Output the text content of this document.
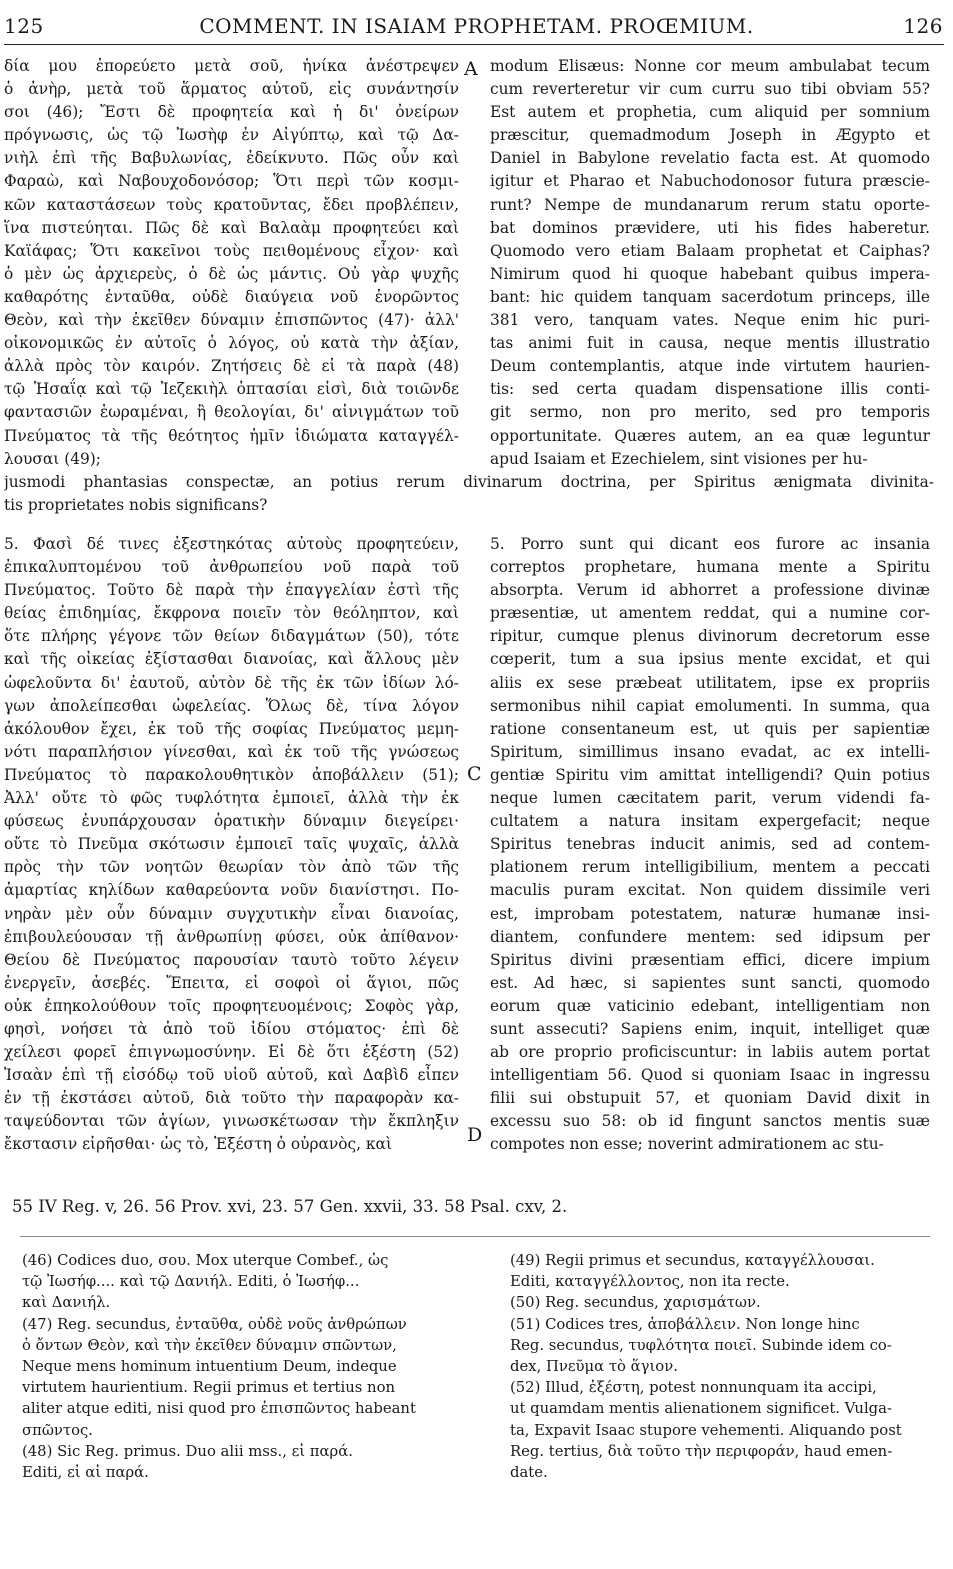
125	COMMENT. IN ISAIAM PROPHETAM. PROŒMIUM.	126
δία μου ἐπορεύετο μετὰ σοῦ, ἡνίκα ἀνέστρεψεν
ὁ ἀνὴρ, μετὰ τοῦ ἅρματος αὐτοῦ, εἰς συνάντησίν
σοι (46); Ἔστι δὲ προφητεία καὶ ἡ δι' ὀνείρων
πρόγνωσις, ὡς τῷ Ἰωσὴφ ἐν Αἰγύπτῳ, καὶ τῷ Δα-
νιὴλ ἐπὶ τῆς Βαβυλωνίας, ἐδείκνυτο. Πῶς οὖν καὶ
Φαραὼ, καὶ Ναβουχοδονόσορ; Ὅτι περὶ τῶν κοσμι-
κῶν καταστάσεων τοὺς κρατοῦντας, ἔδει προβλέπειν,
ἵνα πιστεύηται. Πῶς δὲ καὶ Βαλαὰμ προφητεύει καὶ
Καϊάφας; Ὅτι κακεῖνοι τοὺς πειθομένους εἶχον· καὶ
ὁ μὲν ὡς ἀρχιερεὺς, ὁ δὲ ὡς μάντις. Οὐ γὰρ ψυχῆς
καθαρότης ἐνταῦθα, οὐδὲ διαύγεια νοῦ ἐνορῶντος
Θεὸν, καὶ τὴν ἐκεῖθεν δύναμιν ἐπισπῶντος (47)· ἀλλ'
οἰκονομικῶς ἐν αὐτοῖς ὁ λόγος, οὐ κατὰ τὴν ἀξίαν,
ἀλλὰ πρὸς τὸν καιρόν. Ζητήσεις δὲ εἰ τὰ παρὰ (48)
τῷ Ἡσαΐᾳ καὶ τῷ Ἰεζεκιὴλ ὀπτασίαι εἰσὶ, διὰ τοιῶνδε
φαντασιῶν ἑωραμέναι, ἢ θεολογίαι, δι' αἰνιγμάτων τοῦ
Πνεύματος τὰ τῆς θεότητος ἡμῖν ἰδιώματα καταγγέλ-
λουσαι (49);
modum Elisæus: Nonne cor meum ambulabat tecum
cum reverteretur vir cum curru suo tibi obviam 55?
Est autem et prophetia, cum aliquid per somnium
præscitur, quemadmodum Joseph in Ægypto et
Daniel in Babylone revelatio facta est. At quomodo
igitur et Pharao et Nabuchodonosor futura præscie-
runt? Nempe de mundanarum rerum statu oporte-
bat dominos prævidere, uti his fides haberetur.
Quomodo vero etiam Balaam prophetat et Caiphas?
Nimirum quod hi quoque habebant quibus impera-
bant: hic quidem tanquam sacerdotum princeps, ille
381 vero, tanquam vates. Neque enim hic puri-
tas animi fuit in causa, neque mentis illustratio
Deum contemplantis, atque inde virtutem haurien-
tis: sed certa quadam dispensatione illis conti-
git sermo, non pro merito, sed pro temporis
opportunitate. Quæres autem, an ea quæ leguntur
apud Isaiam et Ezechielem, sint visiones per hu-
A
C
D
jusmodi phantasias conspectæ, an potius rerum divinarum doctrina, per Spiritus ænigmata divinita-
tis proprietates nobis significans?
5. Φασὶ δέ τινες ἐξεστηκότας αὐτοὺς προφητεύειν,
ἐπικαλυπτομένου τοῦ ἀνθρωπείου νοῦ παρὰ τοῦ
Πνεύματος. Τοῦτο δὲ παρὰ τὴν ἐπαγγελίαν ἐστὶ τῆς
θείας ἐπιδημίας, ἔκφρονα ποιεῖν τὸν θεόληπτον, καὶ
ὅτε πλήρης γέγονε τῶν θείων διδαγμάτων (50), τότε
καὶ τῆς οἰκείας ἐξίστασθαι διανοίας, καὶ ἄλλους μὲν
ὠφελοῦντα δι' ἑαυτοῦ, αὐτὸν δὲ τῆς ἐκ τῶν ἰδίων λό-
γων ἀπολείπεσθαι ὠφελείας. Ὅλως δὲ, τίνα λόγον
ἀκόλουθον ἔχει, ἐκ τοῦ τῆς σοφίας Πνεύματος μεμη-
νότι παραπλήσιον γίνεσθαι, καὶ ἐκ τοῦ τῆς γνώσεως
Πνεύματος τὸ παρακολουθητικὸν ἀποβάλλειν (51);
Ἀλλ' οὔτε τὸ φῶς τυφλότητα ἐμποιεῖ, ἀλλὰ τὴν ἐκ
φύσεως ἐνυπάρχουσαν ὁρατικὴν δύναμιν διεγείρει·
οὔτε τὸ Πνεῦμα σκότωσιν ἐμποιεῖ ταῖς ψυχαῖς, ἀλλὰ
πρὸς τὴν τῶν νοητῶν θεωρίαν τὸν ἀπὸ τῶν τῆς
ἁμαρτίας κηλίδων καθαρεύοντα νοῦν διανίστησι. Πο-
νηρὰν μὲν οὖν δύναμιν συγχυτικὴν εἶναι διανοίας,
ἐπιβουλεύουσαν τῇ ἀνθρωπίνῃ φύσει, οὐκ ἀπίθανον·
Θείου δὲ Πνεύματος παρουσίαν ταυτὸ τοῦτο λέγειν
ἐνεργεῖν, ἀσεβές. Ἔπειτα, εἰ σοφοὶ οἱ ἅγιοι, πῶς
οὐκ ἐπηκολούθουν τοῖς προφητευομένοις; Σοφὸς γὰρ,
φησὶ, νοήσει τὰ ἀπὸ τοῦ ἰδίου στόματος· ἐπὶ δὲ
χείλεσι φορεῖ ἐπιγνωμοσύνην. Εἰ δὲ ὅτι ἐξέστη (52)
Ἰσαὰν ἐπὶ τῇ εἰσόδῳ τοῦ υἱοῦ αὐτοῦ, καὶ Δαβὶδ εἶπεν
ἐν τῇ ἐκστάσει αὐτοῦ, διὰ τοῦτο τὴν παραφορὰν κα-
ταψεύδονται τῶν ἁγίων, γινωσκέτωσαν τὴν ἔκπληξιν
ἔκστασιν εἰρῆσθαι· ὡς τὸ, Ἐξέστη ὁ οὐρανὸς, καὶ
5. Porro sunt qui dicant eos furore ac insania
correptos prophetare, humana mente a Spiritu
absorpta. Verum id abhorret a professione divinæ
præsentiæ, ut amentem reddat, qui a numine cor-
ripitur, cumque plenus divinorum decretorum esse
cœperit, tum a sua ipsius mente excidat, et qui
aliis ex sese præbeat utilitatem, ipse ex propriis
sermonibus nihil capiat emolumenti. In summa, qua
ratione consentaneum est, ut quis per sapientiæ
Spiritum, simillimus insano evadat, ac ex intelli-
gentiæ Spiritu vim amittat intelligendi? Quin potius
neque lumen cæcitatem parit, verum videndi fa-
cultatem a natura insitam expergefacit; neque
Spiritus tenebras inducit animis, sed ad contem-
plationem rerum intelligibilium, mentem a peccati
maculis puram excitat. Non quidem dissimile veri
est, improbam potestatem, naturæ humanæ insi-
diantem, confundere mentem: sed idipsum per
Spiritus divini præsentiam effici, dicere impium
est. Ad hæc, si sapientes sunt sancti, quomodo
eorum quæ vaticinio edebant, intelligentiam non
sunt assecuti? Sapiens enim, inquit, intelliget quæ
ab ore proprio proficiscuntur: in labiis autem portat
intelligentiam 56. Quod si quoniam Isaac in ingressu
filii sui obstupuit 57, et quoniam David dixit in
excessu suo 58: ob id fingunt sanctos mentis suæ
compotes non esse; noverint admirationem ac stu-
55 IV Reg. v, 26. 56 Prov. xvi, 23. 57 Gen. xxvii, 33. 58 Psal. cxv, 2.
(46) Codices duo, σου. Mox uterque Combef., ὡς
τῷ Ἰωσήφ.... καὶ τῷ Δανιήλ. Editi, ὁ Ἰωσήφ...
καὶ Δανιήλ.
(47) Reg. secundus, ἐνταῦθα, οὐδὲ νοῦς ἀνθρώπων
ὁ ὄντων Θεὸν, καὶ τὴν ἐκεῖθεν δύναμιν σπῶντων,
Neque mens hominum intuentium Deum, indeque
virtutem haurientium. Regii primus et tertius non
aliter atque editi, nisi quod pro ἐπισπῶντος habeant
σπῶντος.
(48) Sic Reg. primus. Duo alii mss., εἰ παρά.
Editi, εἰ αἱ παρά.
(49) Regii primus et secundus, καταγγέλλουσαι.
Editi, καταγγέλλοντος, non ita recte.
(50) Reg. secundus, χαρισμάτων.
(51) Codices tres, ἀποβάλλειν. Non longe hinc
Reg. secundus, τυφλότητα ποιεῖ. Subinde idem co-
dex, Πνεῦμα τὸ ἅγιον.
(52) Illud, ἐξέστη, potest nonnunquam ita accipi,
ut quamdam mentis alienationem significet. Vulga-
ta, Expavit Isaac stupore vehementi. Aliquando post
Reg. tertius, διὰ τοῦτο τὴν περιφοράν, haud emen-
date.
